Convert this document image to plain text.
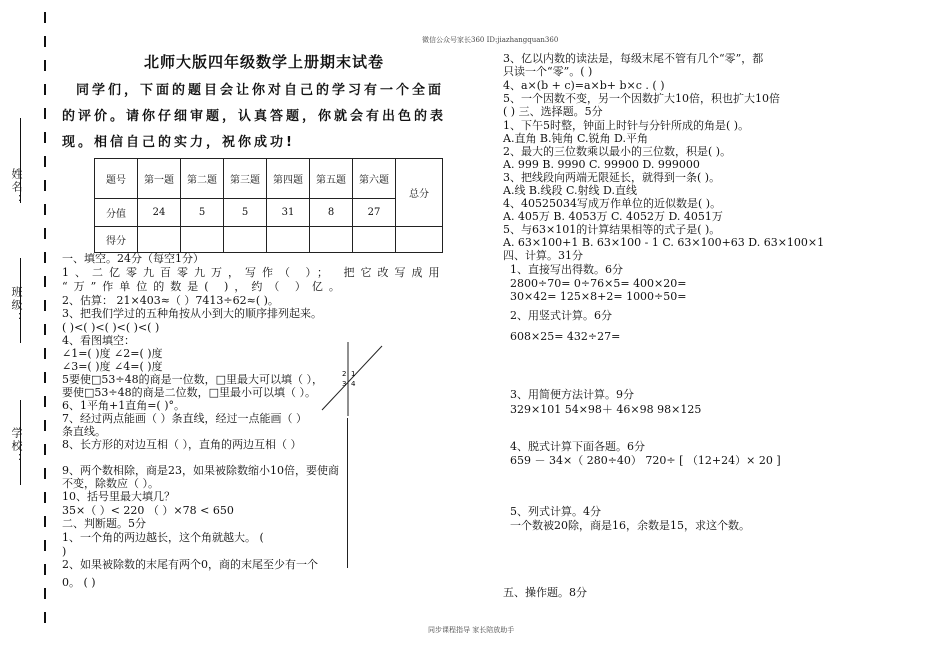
微信公众号家长360 ID:jiazhangquan360
姓名：
班级：
学校：
北师大版四年级数学上册期末试卷
同学们，下面的题目会让你对自己的学习有一个全面
的评价。请你仔细审题，认真答题，你就会有出色的表
现。相信自己的实力，祝你成功!
题号	第一题	第二题	第三题	第四题	第五题	第六题	总分
分值	24	5	5	31	8	27	
得分							
一、填空。24分（每空1分）
1、二亿零九百零九万，写作（ ）； 把它改写成用
“万”作单位的数是( )，约（ ）亿。
2、估算： 21×403≈（ ）7413÷62≈( )。
3、把我们学过的五种角按从小到大的顺序排列起来。
( )<( )<( )<( )<( )
4、看图填空：
∠1=( )度 ∠2=( )度
∠3=( )度 ∠4=( )度
5要使□53÷48的商是一位数，□里最大可以填（ ），
要使□53÷48的商是二位数，□里最小可以填（ ）。
6、1平角+1直角=( )°。
7、经过两点能画（ ）条直线，经过一点能画（ ）
条直线。
8、长方形的对边互相（ ），直角的两边互相（ ）
9、两个数相除，商是23，如果被除数缩小10倍，要使商
不变，除数应（ ）。
10、括号里最大填几？
35×（ ）< 220 （ ）×78 < 650
二、判断题。5分
1、一个角的两边越长，这个角就越大。 (
)
2、如果被除数的末尾有两个0，商的末尾至少有一个
0。 ( )
1
2
3 4
3、亿以内数的读法是，每级末尾不管有几个“零”，都
只读一个“零”。( )
4、a×(b + c)=a×b+ b×c . ( )
5、一个因数不变，另一个因数扩大10倍，积也扩大10倍
( ) 三、选择题。5分
1、下午5时整，钟面上时针与分针所成的角是( )。
A.直角 B.钝角 C.锐角 D.平角
2、最大的三位数乘以最小的三位数，积是( )。
A. 999 B. 9990 C. 99900 D. 999000
3、把线段向两端无限延长，就得到一条( )。
A.线 B.线段 C.射线 D.直线
4、40525034写成万作单位的近似数是( )。
A. 405万 B. 4053万 C. 4052万 D. 4051万
5、与63×101的计算结果相等的式子是( )。
A. 63×100+1 B. 63×100 - 1 C. 63×100+63 D. 63×100×1
四、计算。31分
1、直接写出得数。6分
2800÷70= 0÷76×5= 400×20=
30×42= 125×8+2= 1000÷50=
2、用竖式计算。6分
608×25= 432÷27=
3、用简便方法计算。9分
329×101 54×98＋ 46×98 98×125
4、脱式计算下面各题。6分
659 － 34×（ 280÷40） 720÷ [ （12+24）× 20 ]
5、列式计算。4分
一个数被20除，商是16，余数是15，求这个数。
五、操作题。8分
同步课程指导 家长陪放助手
